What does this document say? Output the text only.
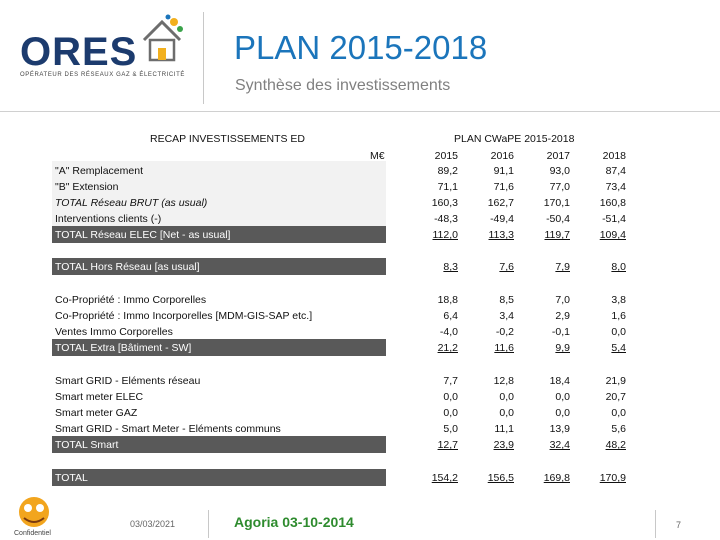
ORES
OPÉRATEUR DES RÉSEAUX GAZ & ÉLECTRICITÉ
PLAN 2015-2018
Synthèse des investissements
RECAP INVESTISSEMENTS ED	PLAN CWaPE 2015-2018
M€	2015	2016	2017	2018
"A" Remplacement	89,2	91,1	93,0	87,4
"B" Extension	71,1	71,6	77,0	73,4
TOTAL Réseau BRUT (as usual)	160,3	162,7	170,1	160,8
Interventions clients (-)	-48,3	-49,4	-50,4	-51,4
TOTAL Réseau ELEC [Net - as usual]	112,0	113,3	119,7	109,4
TOTAL Hors Réseau [as usual]	8,3	7,6	7,9	8,0
Co-Propriété : Immo Corporelles	18,8	8,5	7,0	3,8
Co-Propriété : Immo Incorporelles [MDM-GIS-SAP etc.]	6,4	3,4	2,9	1,6
Ventes Immo Corporelles	-4,0	-0,2	-0,1	0,0
TOTAL Extra [Bâtiment - SW]	21,2	11,6	9,9	5,4
Smart GRID - Eléments réseau	7,7	12,8	18,4	21,9
Smart meter ELEC	0,0	0,0	0,0	20,7
Smart meter GAZ	0,0	0,0	0,0	0,0
Smart GRID - Smart Meter - Eléments communs	5,0	11,1	13,9	5,6
TOTAL Smart	12,7	23,9	32,4	48,2
TOTAL	154,2	156,5	169,8	170,9
Confidentiel
03/03/2021	Agoria 03-10-2014	7
